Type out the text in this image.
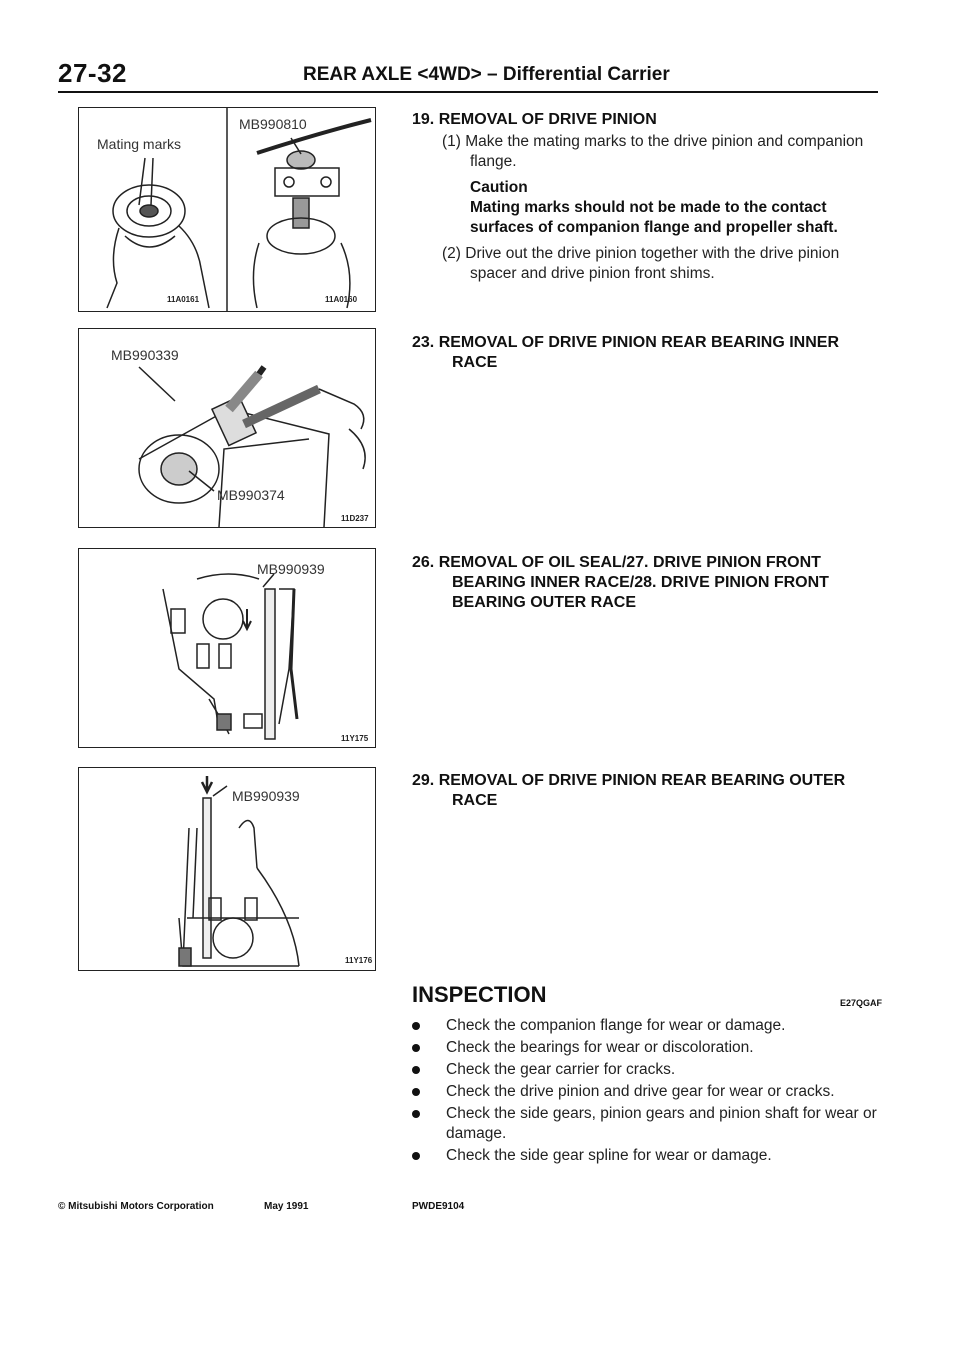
27-32	REAR AXLE <4WD> – Differential Carrier
Mating marks
11A0161
MB990810
11A0160
MB990339
MB990374
11D237
MB990939
11Y175
MB990939
11Y176
19. REMOVAL OF DRIVE PINION
(1) Make the mating marks to the drive pinion and companion flange.
Caution
Mating marks should not be made to the contact surfaces of companion flange and propeller shaft.
(2) Drive out the drive pinion together with the drive pinion spacer and drive pinion front shims.
23. REMOVAL OF DRIVE PINION REAR BEARING INNER RACE
26. REMOVAL OF OIL SEAL/27. DRIVE PINION FRONT BEARING INNER RACE/28. DRIVE PINION FRONT BEARING OUTER RACE
29. REMOVAL OF DRIVE PINION REAR BEARING OUTER RACE
INSPECTION	E27QGAF
Check the companion flange for wear or damage.
Check the bearings for wear or discoloration.
Check the gear carrier for cracks.
Check the drive pinion and drive gear for wear or cracks.
Check the side gears, pinion gears and pinion shaft for wear or damage.
Check the side gear spline for wear or damage.
© Mitsubishi Motors Corporation	May 1991	PWDE9104
